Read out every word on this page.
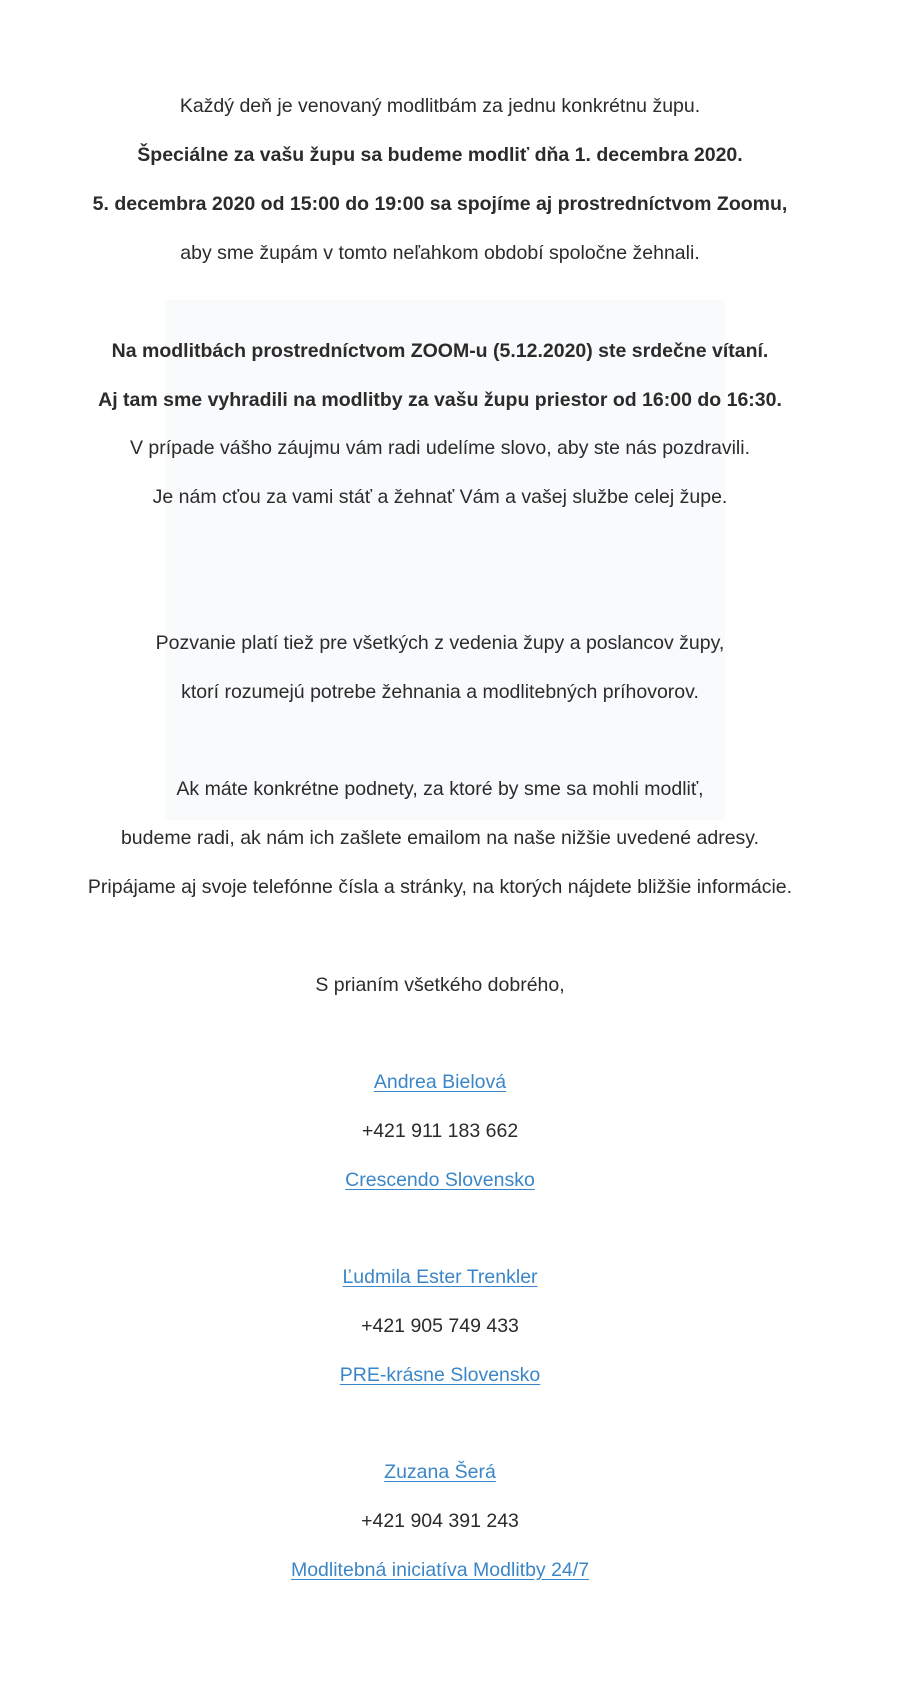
Každý deň je venovaný modlitbám za jednu konkrétnu župu.
Špeciálne za vašu župu sa budeme modliť dňa 1. decembra 2020.
5. decembra 2020 od 15:00 do 19:00 sa spojíme aj prostredníctvom Zoomu,
aby sme župám v tomto neľahkom období spoločne žehnali.
Na modlitbách prostredníctvom ZOOM-u (5.12.2020) ste srdečne vítaní.
Aj tam sme vyhradili na modlitby za vašu župu priestor od 16:00 do 16:30.
V prípade vášho záujmu vám radi udelíme slovo, aby ste nás pozdravili.
Je nám cťou za vami stáť a žehnať Vám a vašej službe celej župe.
Pozvanie platí tiež pre všetkých z vedenia župy a poslancov župy,
ktorí rozumejú potrebe žehnania a modlitebných príhovorov.
Ak máte konkrétne podnety, za ktoré by sme sa mohli modliť,
budeme radi, ak nám ich zašlete emailom na naše nižšie uvedené adresy.
Pripájame aj svoje telefónne čísla a stránky, na ktorých nájdete bližšie informácie.
S prianím všetkého dobrého,
Andrea Bielová
+421 911 183 662
Crescendo Slovensko
Ľudmila Ester Trenkler
+421 905 749 433
PRE-krásne Slovensko
Zuzana Šerá
+421 904 391 243
Modlitebná iniciatíva Modlitby 24/7
